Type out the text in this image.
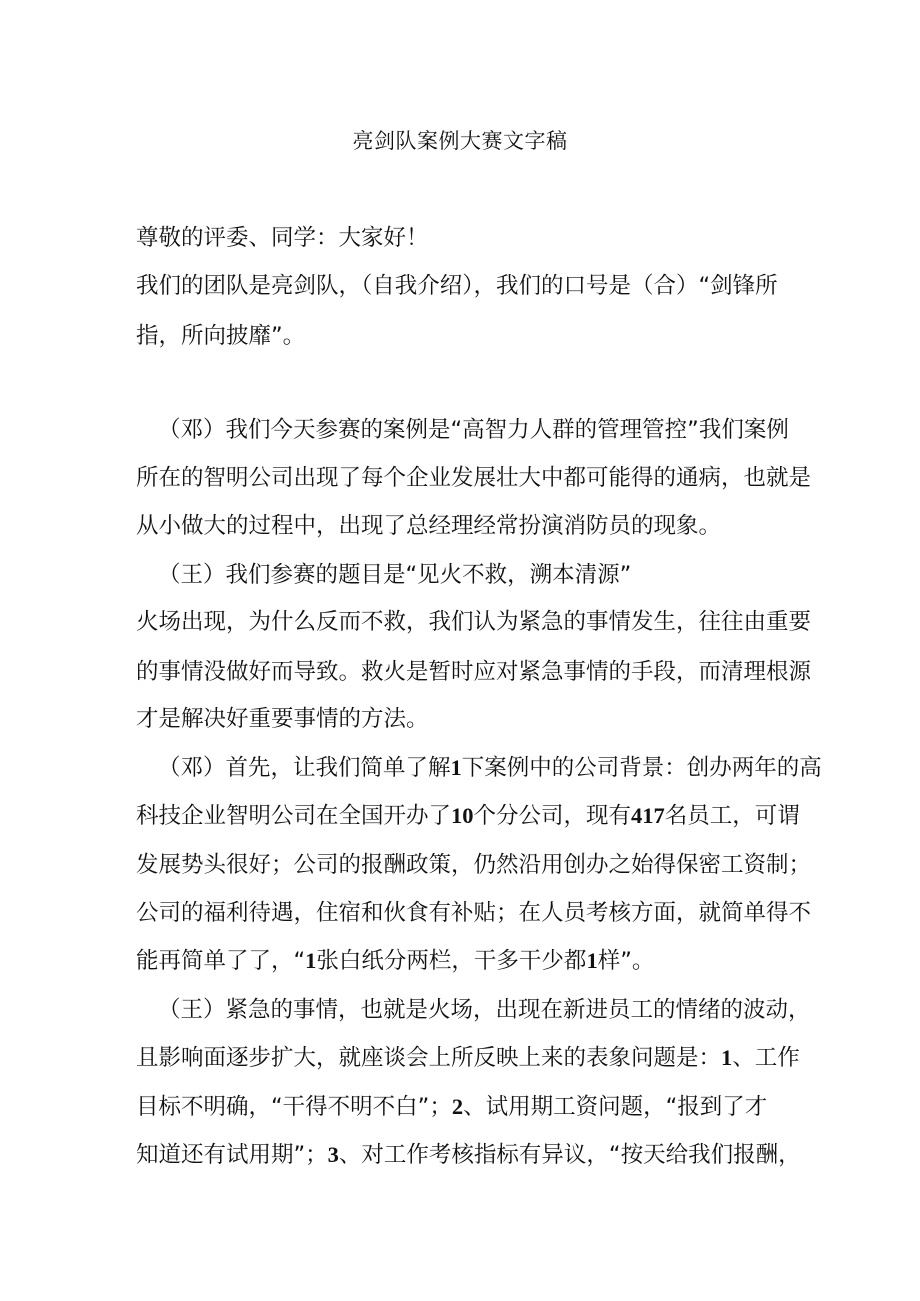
亮剑队案例大赛文字稿
尊敬的评委、同学：大家好！
我们的团队是亮剑队，（自我介绍），我们的口号是（合）“剑锋所
指，所向披靡”。
（邓）我们今天参赛的案例是“高智力人群的管理管控”我们案例
所在的智明公司出现了每个企业发展壮大中都可能得的通病，也就是
从小做大的过程中，出现了总经理经常扮演消防员的现象。
（王）我们参赛的题目是“见火不救，溯本清源”
火场出现，为什么反而不救，我们认为紧急的事情发生，往往由重要
的事情没做好而导致。救火是暂时应对紧急事情的手段，而清理根源
才是解决好重要事情的方法。
（邓）首先，让我们简单了解1下案例中的公司背景：创办两年的高
科技企业智明公司在全国开办了10个分公司，现有417名员工，可谓
发展势头很好；公司的报酬政策，仍然沿用创办之始得保密工资制；
公司的福利待遇，住宿和伙食有补贴；在人员考核方面，就简单得不
能再简单了了，“1张白纸分两栏，干多干少都1样”。
（王）紧急的事情，也就是火场，出现在新进员工的情绪的波动，
且影响面逐步扩大，就座谈会上所反映上来的表象问题是：1、工作
目标不明确，“干得不明不白”；2、试用期工资问题，“报到了才
知道还有试用期”；3、对工作考核指标有异议，“按天给我们报酬，
